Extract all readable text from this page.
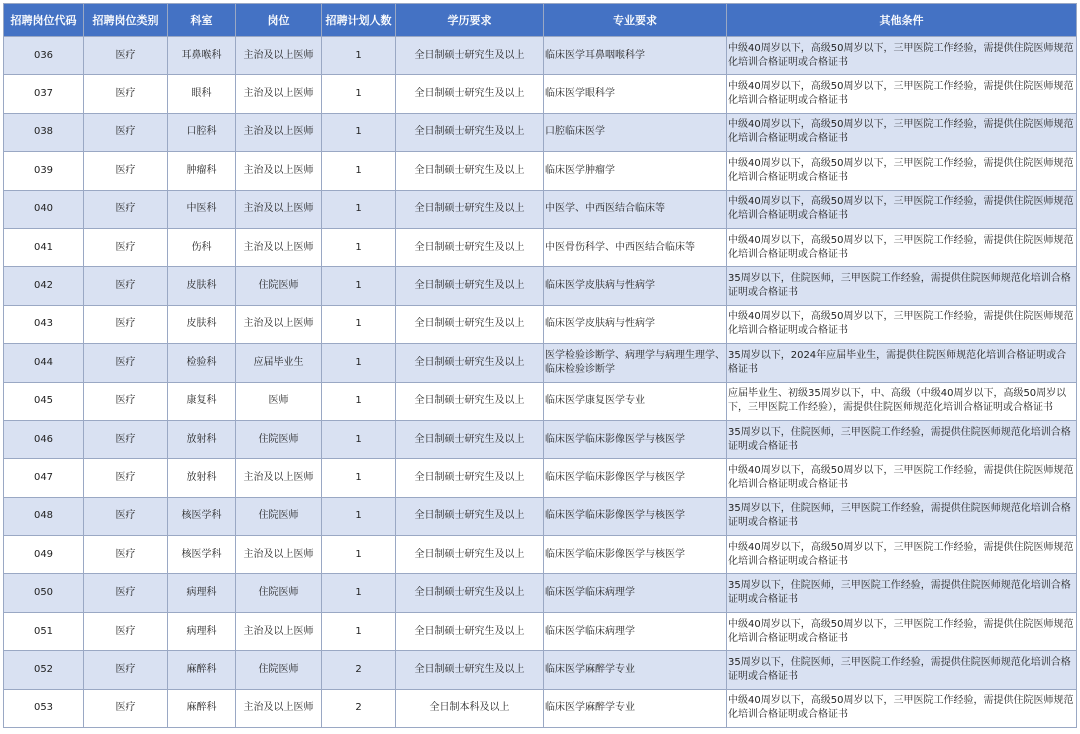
招聘岗位代码	招聘岗位类别	科室	岗位	招聘计划人数	学历要求	专业要求	其他条件
036	医疗	耳鼻喉科	主治及以上医师	1	全日制硕士研究生及以上	临床医学耳鼻咽喉科学	中级40周岁以下，高级50周岁以下，三甲医院工作经验，需提供住院医师规范化培训合格证明或合格证书
037	医疗	眼科	主治及以上医师	1	全日制硕士研究生及以上	临床医学眼科学	中级40周岁以下，高级50周岁以下，三甲医院工作经验，需提供住院医师规范化培训合格证明或合格证书
038	医疗	口腔科	主治及以上医师	1	全日制硕士研究生及以上	口腔临床医学	中级40周岁以下，高级50周岁以下，三甲医院工作经验，需提供住院医师规范化培训合格证明或合格证书
039	医疗	肿瘤科	主治及以上医师	1	全日制硕士研究生及以上	临床医学肿瘤学	中级40周岁以下，高级50周岁以下，三甲医院工作经验，需提供住院医师规范化培训合格证明或合格证书
040	医疗	中医科	主治及以上医师	1	全日制硕士研究生及以上	中医学、中西医结合临床等	中级40周岁以下，高级50周岁以下，三甲医院工作经验，需提供住院医师规范化培训合格证明或合格证书
041	医疗	伤科	主治及以上医师	1	全日制硕士研究生及以上	中医骨伤科学、中西医结合临床等	中级40周岁以下，高级50周岁以下，三甲医院工作经验，需提供住院医师规范化培训合格证明或合格证书
042	医疗	皮肤科	住院医师	1	全日制硕士研究生及以上	临床医学皮肤病与性病学	35周岁以下，住院医师，三甲医院工作经验，需提供住院医师规范化培训合格证明或合格证书
043	医疗	皮肤科	主治及以上医师	1	全日制硕士研究生及以上	临床医学皮肤病与性病学	中级40周岁以下，高级50周岁以下，三甲医院工作经验，需提供住院医师规范化培训合格证明或合格证书
044	医疗	检验科	应届毕业生	1	全日制硕士研究生及以上	医学检验诊断学、病理学与病理生理学、临床检验诊断学	35周岁以下，2024年应届毕业生，需提供住院医师规范化培训合格证明或合格证书
045	医疗	康复科	医师	1	全日制硕士研究生及以上	临床医学康复医学专业	应届毕业生、初级35周岁以下，中、高级（中级40周岁以下，高级50周岁以下，三甲医院工作经验），需提供住院医师规范化培训合格证明或合格证书
046	医疗	放射科	住院医师	1	全日制硕士研究生及以上	临床医学临床影像医学与核医学	35周岁以下，住院医师，三甲医院工作经验，需提供住院医师规范化培训合格证明或合格证书
047	医疗	放射科	主治及以上医师	1	全日制硕士研究生及以上	临床医学临床影像医学与核医学	中级40周岁以下，高级50周岁以下，三甲医院工作经验，需提供住院医师规范化培训合格证明或合格证书
048	医疗	核医学科	住院医师	1	全日制硕士研究生及以上	临床医学临床影像医学与核医学	35周岁以下，住院医师，三甲医院工作经验，需提供住院医师规范化培训合格证明或合格证书
049	医疗	核医学科	主治及以上医师	1	全日制硕士研究生及以上	临床医学临床影像医学与核医学	中级40周岁以下，高级50周岁以下，三甲医院工作经验，需提供住院医师规范化培训合格证明或合格证书
050	医疗	病理科	住院医师	1	全日制硕士研究生及以上	临床医学临床病理学	35周岁以下，住院医师，三甲医院工作经验，需提供住院医师规范化培训合格证明或合格证书
051	医疗	病理科	主治及以上医师	1	全日制硕士研究生及以上	临床医学临床病理学	中级40周岁以下，高级50周岁以下，三甲医院工作经验，需提供住院医师规范化培训合格证明或合格证书
052	医疗	麻醉科	住院医师	2	全日制硕士研究生及以上	临床医学麻醉学专业	35周岁以下，住院医师，三甲医院工作经验，需提供住院医师规范化培训合格证明或合格证书
053	医疗	麻醉科	主治及以上医师	2	全日制本科及以上	临床医学麻醉学专业	中级40周岁以下，高级50周岁以下，三甲医院工作经验，需提供住院医师规范化培训合格证明或合格证书
